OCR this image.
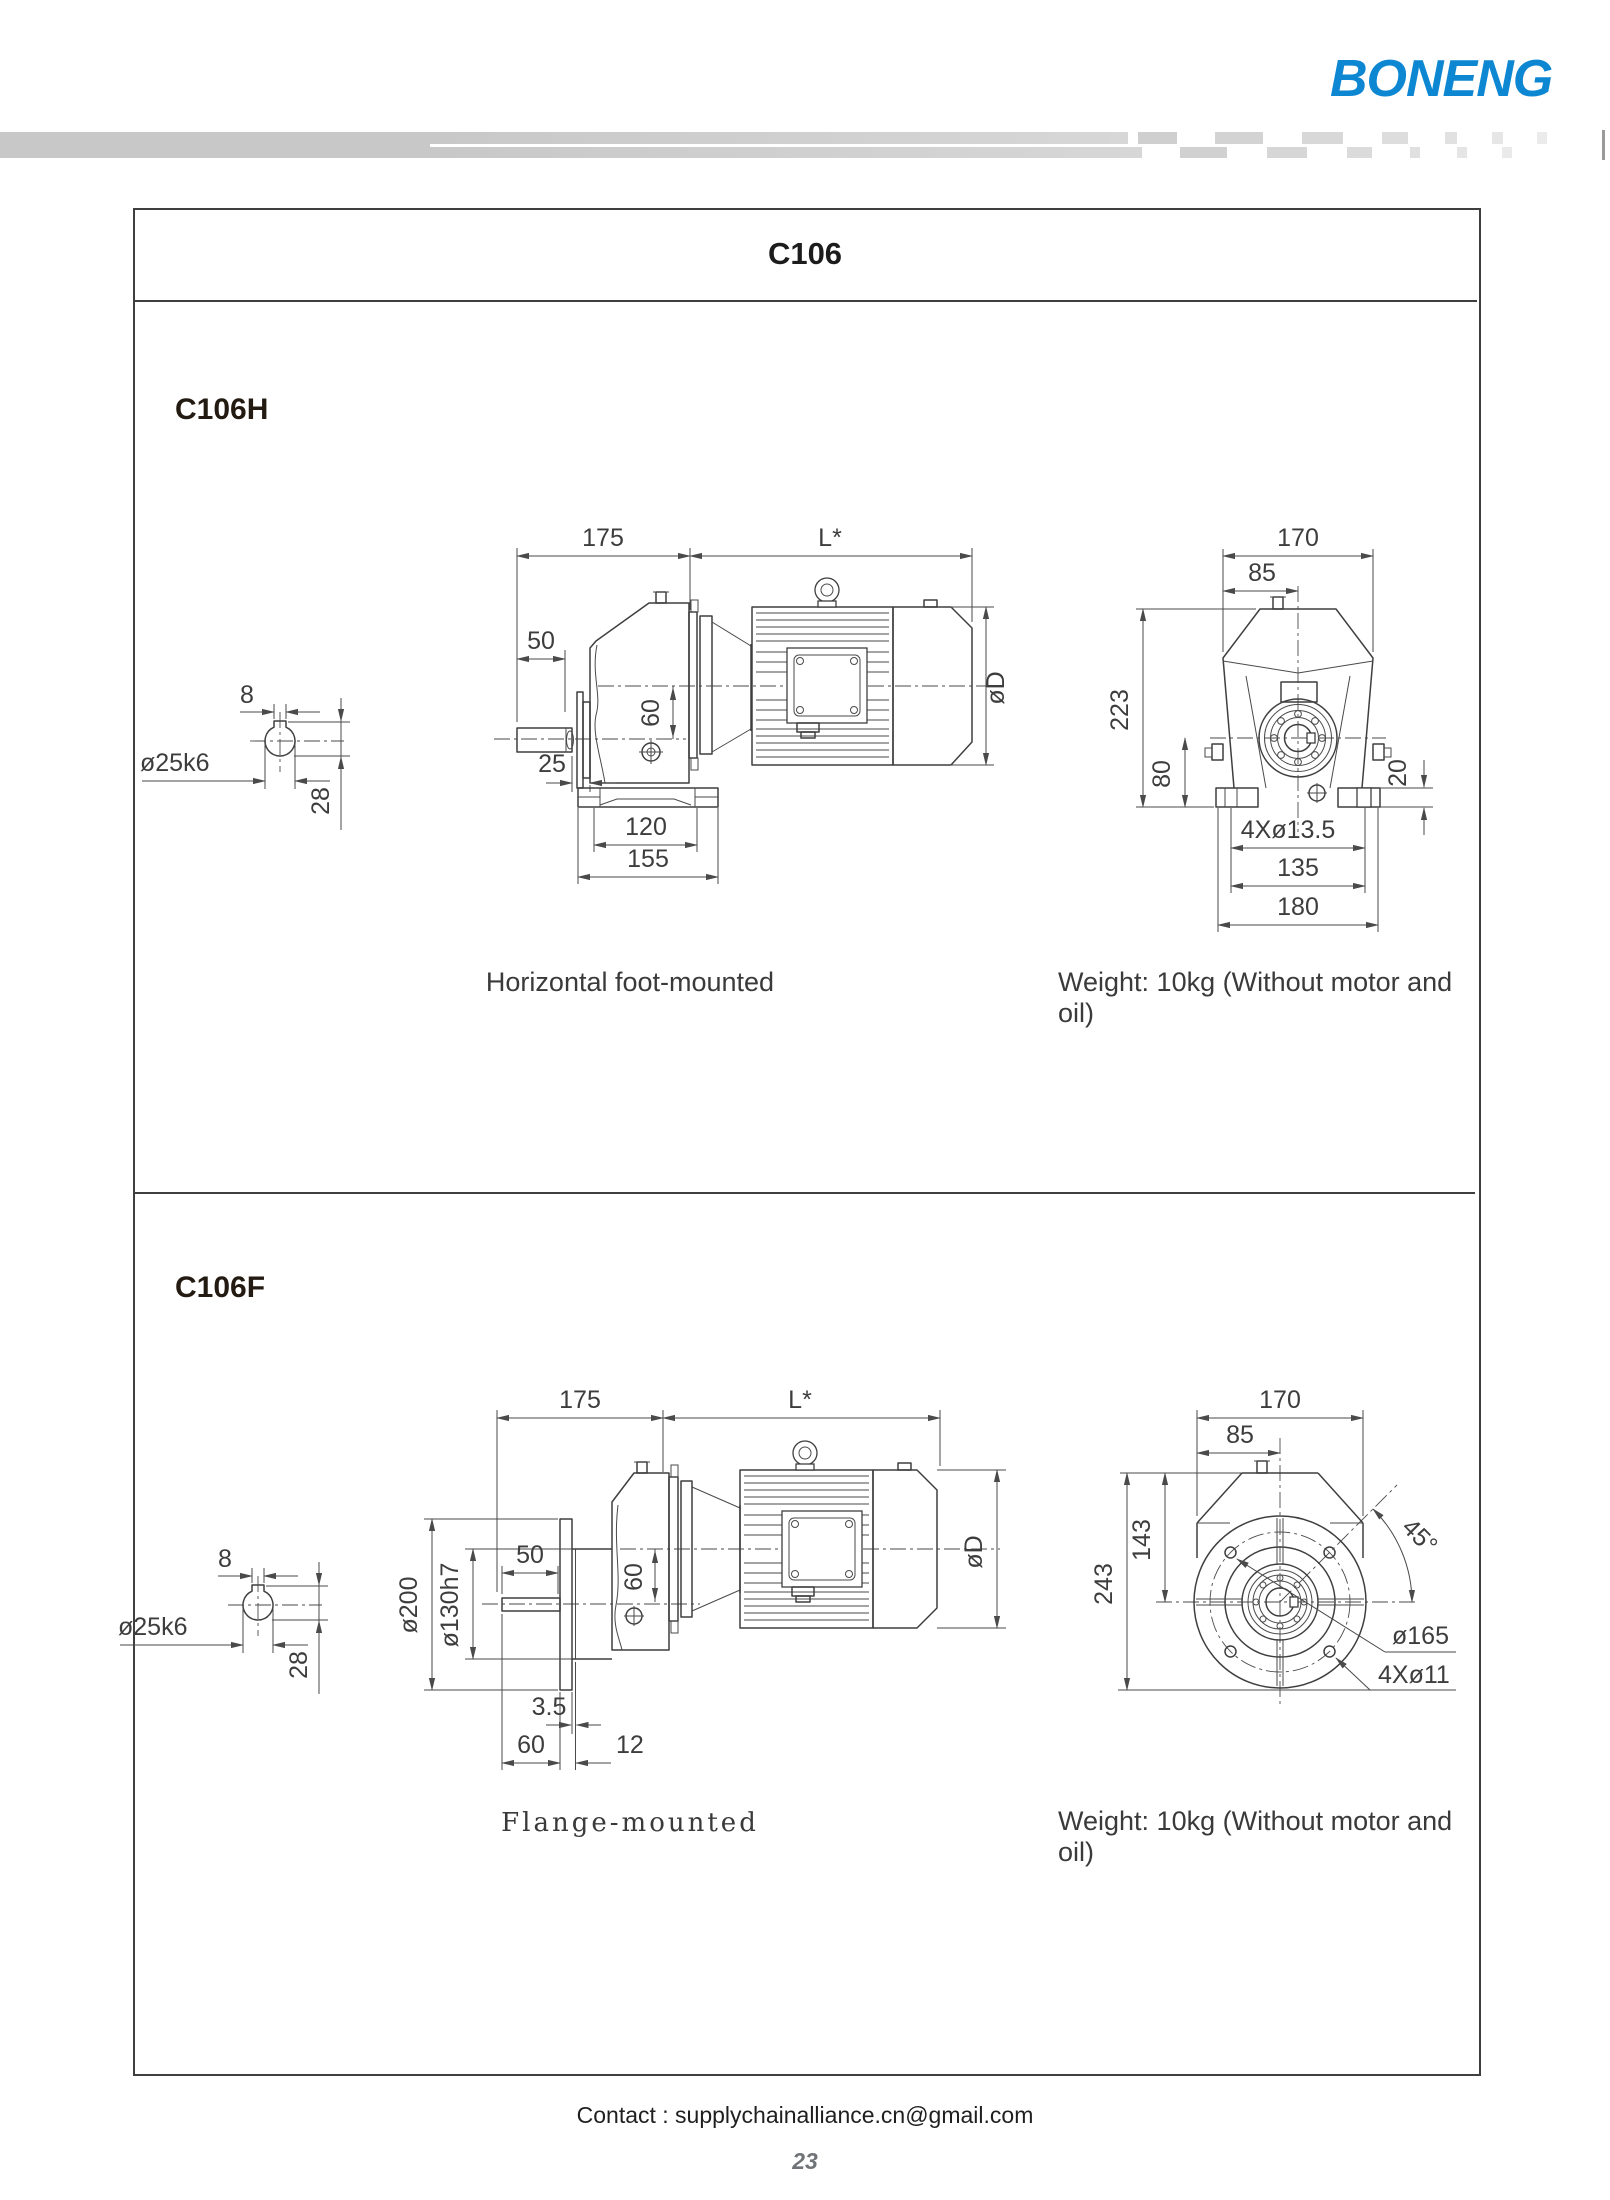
BONENG
C106
C106H
C106F
Horizontal foot-mounted	Weight: 10kg (Without motor and oil)
Flange-mounted	Weight: 10kg (Without motor and oil)
Contact : supplychainalliance.cn@gmail.com
23
8
ø25k6
28
8
ø25k6
28
175	L*
50
60
25
øD
120
155
170
85
223
80	20
4Xø13.5
135
180
175	L*
ø200 ø130h7
50
60
øD
3.5
60	12
170
85
45°
ø165
4Xø11
143
243
